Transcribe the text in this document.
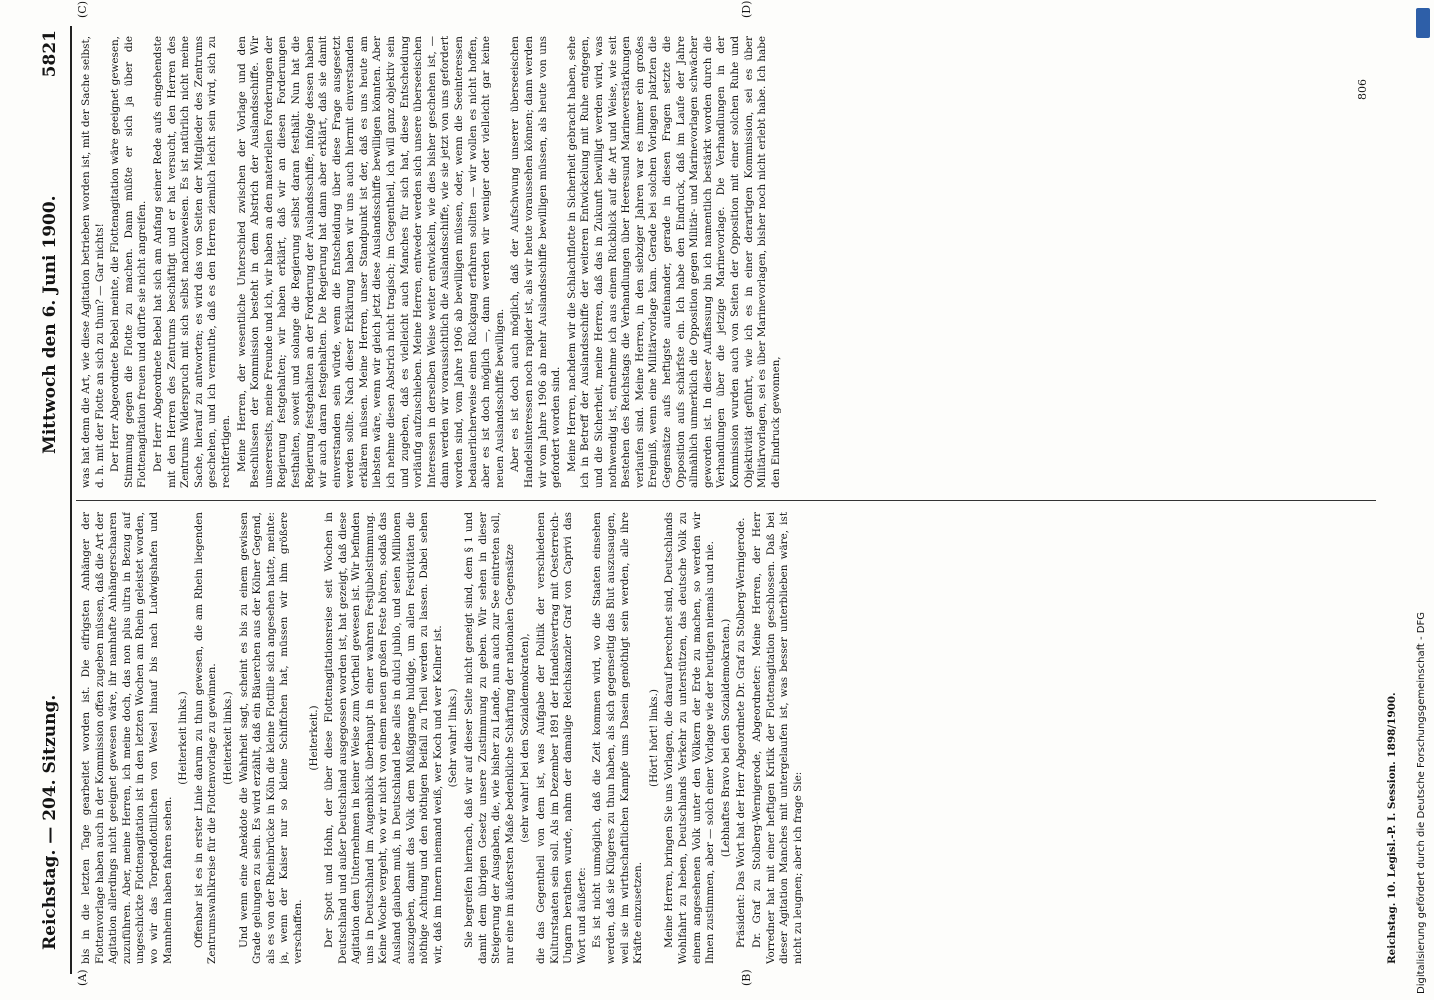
Reichstag. — 204. Sitzung.
Mittwoch den 6. Juni 1900.
5821
(A)	(B)
(C)	(D)

bis in die letzten Tage gearbeitet worden ist. Die eifrigsten Anhänger der Flottenvorlage haben auch in der Kommission offen zugeben müssen, daß die Art der Agitation allerdings nicht geeignet gewesen wäre, ihr namhafte Anhängerschaaren zuzuführen. Aber, meine Herren, ich meine doch, das non plus ultra in Bezug auf ungeschickte Flottenagitation ist in den letzten Wochen am Rhein geleistet worden, wo wir das Torpedoflottillchen von Wesel hinauf bis nach Ludwigshafen und Mannheim haben fahren sehen.

(Heiterkeit links.) Offenbar ist es in erster Linie darum zu thun gewesen, die am Rhein liegenden Zentrumswahlkreise für die Flottenvorlage zu gewinnen. (Heiterkeit links.) Und wenn eine Anekdote die Wahrheit sagt, scheint es bis zu einem gewissen Grade gelungen zu sein. Es wird erzählt, daß ein Bäuerchen aus der Kölner Gegend, als es von der Rheinbrücke in Köln die kleine Flottille sich angesehen hatte, meinte: ja, wenn der Kaiser nur so kleine Schiffchen hat, müssen wir ihm größere verschaffen.

(Heiterkeit.) Der Spott und Hohn, der über diese Flottenagitationsreise seit Wochen in Deutschland und außer Deutschland ausgegossen worden ist, hat gezeigt, daß diese Agitation dem Unternehmen in keiner Weise zum Vortheil gewesen ist. Wir befinden uns in Deutschland im Augenblick überhaupt in einer wahren Festjubelstimmung. Keine Woche vergeht, wo wir nicht von einem neuen großen Feste hören, sodaß das Ausland glauben muß, in Deutschland lebe alles in dulci jubilo, und seien Millionen auszugeben, damit das Volk dem Müßiggange huldige, um allen Festivitäten die nöthige Achtung und den nöthigen Beifall zu Theil werden zu lassen. Dabei sehen wir, daß im Innern niemand weiß, wer Koch und wer Kellner ist. (Sehr wahr! links.) Sie begreifen hiernach, daß wir auf dieser Seite nicht geneigt sind, dem § 1 und damit dem übrigen Gesetz unsere Zustimmung zu geben. Wir sehen in dieser Steigerung der Ausgaben, die, wie bisher zu Lande, nun auch zur See eintreten soll, nur eine im äußersten Maße bedenkliche Schärfung der nationalen Gegensätze (sehr wahr! bei den Sozialdemokraten), die das Gegentheil von dem ist, was Aufgabe der Politik der verschiedenen Kulturstaaten sein soll. Als im Dezember 1891 der Handelsvertrag mit Oesterreich-Ungarn berathen wurde, nahm der damalige Reichskanzler Graf von Caprivi das Wort und äußerte: Es ist nicht unmöglich, daß die Zeit kommen wird, wo die Staaten einsehen werden, daß sie Klügeres zu thun haben, als sich gegenseitig das Blut auszusaugen, weil sie im wirthschaftlichen Kampfe ums Dasein genöthigt sein werden, alle ihre Kräfte einzusetzen.

(Hört! hört! links.) Meine Herren, bringen Sie uns Vorlagen, die darauf berechnet sind, Deutschlands Wohlfahrt zu heben, Deutschlands Verkehr zu unterstützen, das deutsche Volk zu einem angesehenen Volk unter den Völkern der Erde zu machen, so werden wir Ihnen zustimmen, aber — solch einer Vorlage wie der heutigen niemals und nie. (Lebhaftes Bravo bei den Sozialdemokraten.) Präsident: Das Wort hat der Herr Abgeordnete Dr. Graf zu Stolberg-Wernigerode. Dr. Graf zu Stolberg-Wernigerode, Abgeordneter: Meine Herren, der Herr Vorredner hat mit einer heftigen Kritik der Flottenagitation geschlossen. Daß bei dieser Agitation Manches mit untergelaufen ist, was besser unterblieben wäre, ist nicht zu leugnen; aber ich frage Sie:

was hat denn die Art, wie diese Agitation betrieben worden ist, mit der Sache selbst, d. h. mit der Flotte an sich zu thun? — Gar nichts! Der Herr Abgeordnete Bebel meinte, die Flottenagitation wäre geeignet gewesen, Stimmung gegen die Flotte zu machen. Dann müßte er sich ja über die Flottenagitation freuen und dürfte sie nicht angreifen. Der Herr Abgeordnete Bebel hat sich am Anfang seiner Rede aufs eingehendste mit den Herren des Zentrums beschäftigt und er hat versucht, den Herren des Zentrums Widerspruch mit sich selbst nachzuweisen. Es ist natürlich nicht meine Sache, hierauf zu antworten; es wird das von Seiten der Mitglieder des Zentrums geschehen, und ich vermuthe, daß es den Herren ziemlich leicht sein wird, sich zu rechtfertigen. Meine Herren, der wesentliche Unterschied zwischen der Vorlage und den Beschlüssen der Kommission besteht in dem Abstrich der Auslandsschiffe. Wir unsererseits, meine Freunde und ich, wir haben an den materiellen Forderungen der Regierung festgehalten; wir haben erklärt, daß wir an diesen Forderungen festhalten, soweit und solange die Regierung selbst daran festhält. Nun hat die Regierung festgehalten an der Forderung der Auslandsschiffe, infolge dessen haben wir auch daran festgehalten. Die Regierung hat dann aber erklärt, daß sie damit einverstanden sein würde, wenn die Entscheidung über diese Frage ausgesetzt werden sollte. Nach dieser Erklärung haben wir uns auch hiermit einverstanden erklären müssen. Meine Herren, unser Standpunkt ist der, daß es uns heute am liebsten wäre, wenn wir gleich jetzt diese Auslandsschiffe bewilligen könnten. Aber ich nehme diesen Abstrich nicht tragisch; im Gegentheil, ich will ganz objektiv sein und zugeben, daß es vielleicht auch Manches für sich hat, diese Entscheidung vorläufig aufzuschieben. Meine Herren, entweder werden sich unsere überseeischen Interessen in derselben Weise weiter entwickeln, wie dies bisher geschehen ist, — dann werden wir voraussichtlich die Auslandsschiffe, wie sie jetzt von uns gefordert worden sind, vom Jahre 1906 ab bewilligen müssen, oder, wenn die Seeinteressen bedauerlicherweise einen Rückgang erfahren sollten — wir wollen es nicht hoffen, aber es ist doch möglich —, dann werden wir weniger oder vielleicht gar keine neuen Auslandsschiffe bewilligen. Aber es ist doch auch möglich, daß der Aufschwung unserer überseeischen Handelsinteressen noch rapider ist, als wir heute voraussehen können; dann werden wir vom Jahre 1906 ab mehr Auslandsschiffe bewilligen müssen, als heute von uns gefordert worden sind. Meine Herren, nachdem wir die Schlachtflotte in Sicherheit gebracht haben, sehe ich in Betreff der Auslandsschiffe der weiteren Entwickelung mit Ruhe entgegen, und die Sicherheit, meine Herren, daß das in Zukunft bewilligt werden wird, was nothwendig ist, entnehme ich aus einem Rückblick auf die Art und Weise, wie seit Bestehen des Reichstags die Verhandlungen über Heeresund Marineverstärkungen verlaufen sind. Meine Herren, in den siebziger Jahren war es immer ein großes Ereigniß, wenn eine Militärvorlage kam. Gerade bei solchen Vorlagen platzten die Gegensätze aufs heftigste aufeinander, gerade in diesen Fragen setzte die Opposition aufs schärfste ein. Ich habe den Eindruck, daß im Laufe der Jahre allmählich unmerklich die Opposition gegen Militär- und Marinevorlagen schwächer geworden ist. In dieser Auffassung bin ich namentlich bestärkt worden durch die Verhandlungen über die jetzige Marinevorlage. Die Verhandlungen in der Kommission wurden auch von Seiten der Opposition mit einer solchen Ruhe und Objektivität geführt, wie ich es in einer derartigen Kommission, sei es über Militärvorlagen, sei es über Marinevorlagen, bisher noch nicht erlebt habe. Ich habe den Eindruck gewonnen,

806
Reichstag. 10. Legisl.-P. I. Session. 1898/1900. Digitalisierung gefördert durch die Deutsche Forschungsgemeinschaft - DFG
